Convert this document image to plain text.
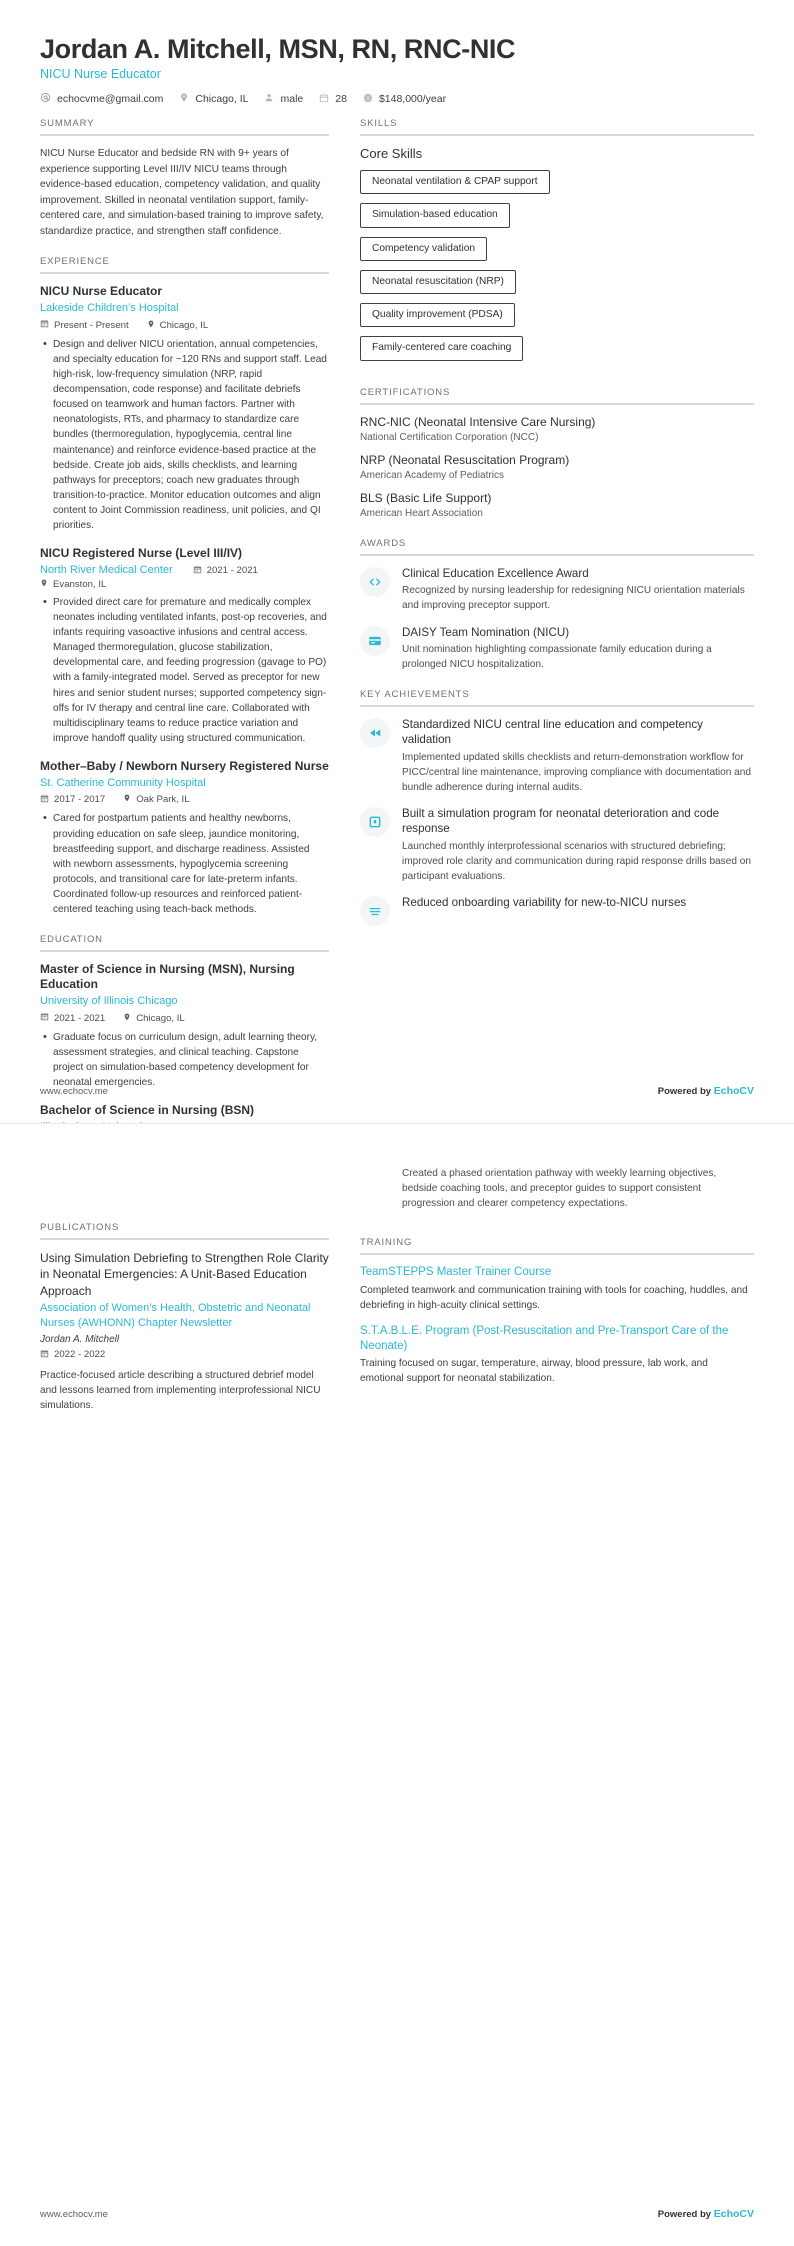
Jordan A. Mitchell, MSN, RN, RNC-NIC
NICU Nurse Educator
echocvme@gmail.com	Chicago, IL	male	28	$148,000/year
SUMMARY
NICU Nurse Educator and bedside RN with 9+ years of experience supporting Level III/IV NICU teams through evidence-based education, competency validation, and quality improvement. Skilled in neonatal ventilation support, family-centered care, and simulation-based training to improve safety, standardize practice, and strengthen staff confidence.
EXPERIENCE
NICU Nurse Educator
Lakeside Children’s Hospital
Present - Present	Chicago, IL
• Design and deliver NICU orientation, annual competencies, and specialty education for ~120 RNs and support staff. Lead high-risk, low-frequency simulation (NRP, rapid decompensation, code response) and facilitate debriefs focused on teamwork and human factors. Partner with neonatologists, RTs, and pharmacy to standardize care bundles (thermoregulation, hypoglycemia, central line maintenance) and reinforce evidence-based practice at the bedside. Create job aids, skills checklists, and learning pathways for preceptors; coach new graduates through transition-to-practice. Monitor education outcomes and align content to Joint Commission readiness, unit policies, and QI priorities.
NICU Registered Nurse (Level III/IV)
North River Medical Center	2021 - 2021
Evanston, IL
• Provided direct care for premature and medically complex neonates including ventilated infants, post-op recoveries, and infants requiring vasoactive infusions and central access. Managed thermoregulation, glucose stabilization, developmental care, and feeding progression (gavage to PO) with a family-integrated model. Served as preceptor for new hires and senior student nurses; supported competency sign-offs for IV therapy and central line care. Collaborated with multidisciplinary teams to reduce practice variation and improve handoff quality using structured communication.
Mother–Baby / Newborn Nursery Registered Nurse
St. Catherine Community Hospital
2017 - 2017	Oak Park, IL
• Cared for postpartum patients and healthy newborns, providing education on safe sleep, jaundice monitoring, breastfeeding support, and discharge readiness. Assisted with newborn assessments, hypoglycemia screening protocols, and transitional care for late-preterm infants. Coordinated follow-up resources and reinforced patient-centered teaching using teach-back methods.
EDUCATION
Master of Science in Nursing (MSN), Nursing Education
University of Illinois Chicago
2021 - 2021	Chicago, IL
• Graduate focus on curriculum design, adult learning theory, assessment strategies, and clinical teaching. Capstone project on simulation-based competency development for neonatal emergencies.
Bachelor of Science in Nursing (BSN)
•
SKILLS
Core Skills
Neonatal ventilation & CPAP support
Simulation-based education
Competency validation
Neonatal resuscitation (NRP)
Quality improvement (PDSA)
Family-centered care coaching
CERTIFICATIONS
RNC-NIC (Neonatal Intensive Care Nursing)
National Certification Corporation (NCC)
NRP (Neonatal Resuscitation Program)
American Academy of Pediatrics
BLS (Basic Life Support)
American Heart Association
AWARDS
Clinical Education Excellence Award
Recognized by nursing leadership for redesigning NICU orientation materials and improving preceptor support.
DAISY Team Nomination (NICU)
Unit nomination highlighting compassionate family education during a prolonged NICU hospitalization.
KEY ACHIEVEMENTS
Standardized NICU central line education and competency validation
Implemented updated skills checklists and return-demonstration workflow for PICC/central line maintenance, improving compliance with documentation and bundle adherence during internal audits.
Built a simulation program for neonatal deterioration and code response
Launched monthly interprofessional scenarios with structured debriefing; improved role clarity and communication during rapid response drills based on participant evaluations.
Reduced onboarding variability for new-to-NICU nurses
www.echocv.me	Powered by EchoCV
PUBLICATIONS
Using Simulation Debriefing to Strengthen Role Clarity in Neonatal Emergencies: A Unit-Based Education Approach
Association of Women’s Health, Obstetric and Neonatal Nurses (AWHONN) Chapter Newsletter
Jordan A. Mitchell
2022 - 2022
Practice-focused article describing a structured debrief model and lessons learned from implementing interprofessional NICU simulations.
Created a phased orientation pathway with weekly learning objectives, bedside coaching tools, and preceptor guides to support consistent progression and clearer competency expectations.
TRAINING
TeamSTEPPS Master Trainer Course
Completed teamwork and communication training with tools for coaching, huddles, and debriefing in high-acuity clinical settings.
S.T.A.B.L.E. Program (Post-Resuscitation and Pre-Transport Care of the Neonate)
Training focused on sugar, temperature, airway, blood pressure, lab work, and emotional support for neonatal stabilization.
www.echocv.me	Powered by EchoCV
